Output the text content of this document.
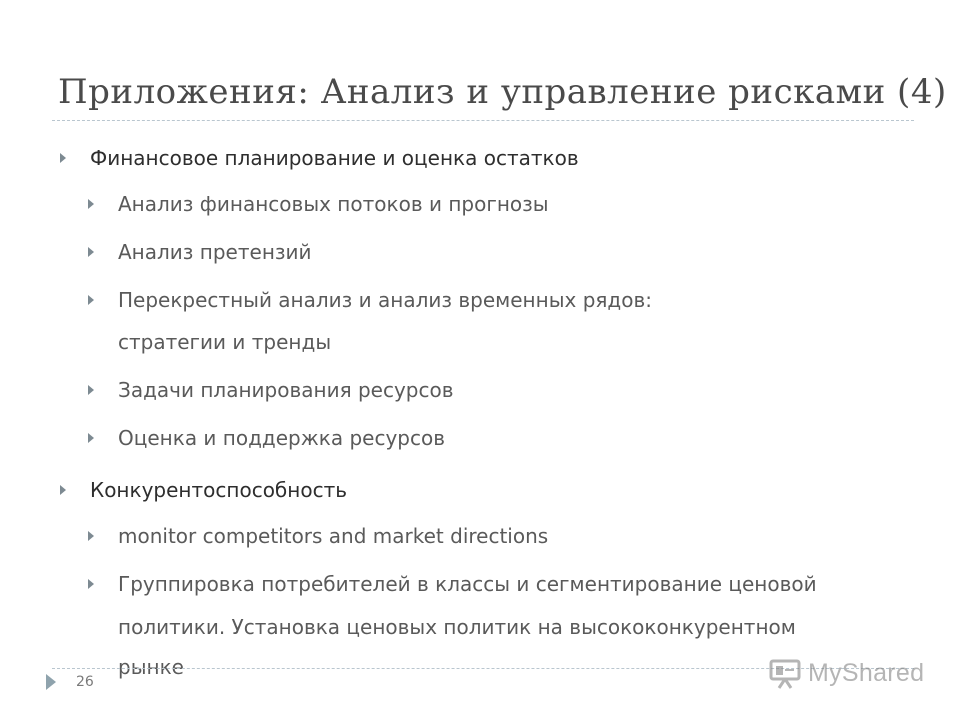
Приложения: Анализ и управление рисками (4)
Финансовое планирование и оценка остатков
Анализ финансовых потоков и прогнозы
Анализ претензий
Перекрестный анализ и анализ временных рядов:
стратегии и тренды
Задачи планирования ресурсов
Оценка и поддержка ресурсов
Конкурентоспособность
monitor competitors and market directions
Группировка потребителей в классы и сегментирование ценовой
политики. Установка ценовых политик на высококонкурентном
рынке
26	MyShared
